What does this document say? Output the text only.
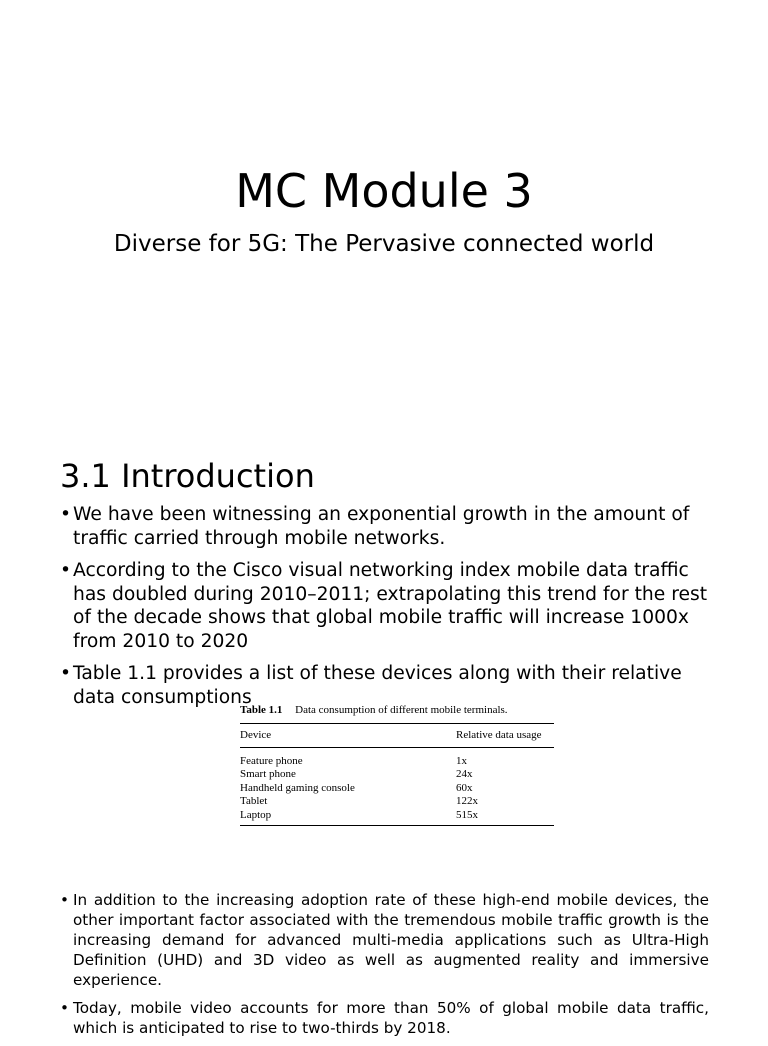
MC Module 3

Diverse for 5G: The Pervasive connected world

3.1 Introduction
• We have been witnessing an exponential growth in the amount of traffic carried through mobile networks.
• According to the Cisco visual networking index mobile data traffic has doubled during 2010–2011; extrapolating this trend for the rest of the decade shows that global mobile traffic will increase 1000x from 2010 to 2020
• Table 1.1 provides a list of these devices along with their relative data consumptions

Table 1.1 Data consumption of different mobile terminals.

Device	Relative data usage
Feature phone	1x
Smart phone	24x
Handheld gaming console	60x
Tablet	122x
Laptop	515x
• In addition to the increasing adoption rate of these high-end mobile devices, the other important factor associated with the tremendous mobile traffic growth is the increasing demand for advanced multi-media applications such as Ultra-High Definition (UHD) and 3D video as well as augmented reality and immersive experience.
• Today, mobile video accounts for more than 50% of global mobile data traffic, which is anticipated to rise to two-thirds by 2018.
